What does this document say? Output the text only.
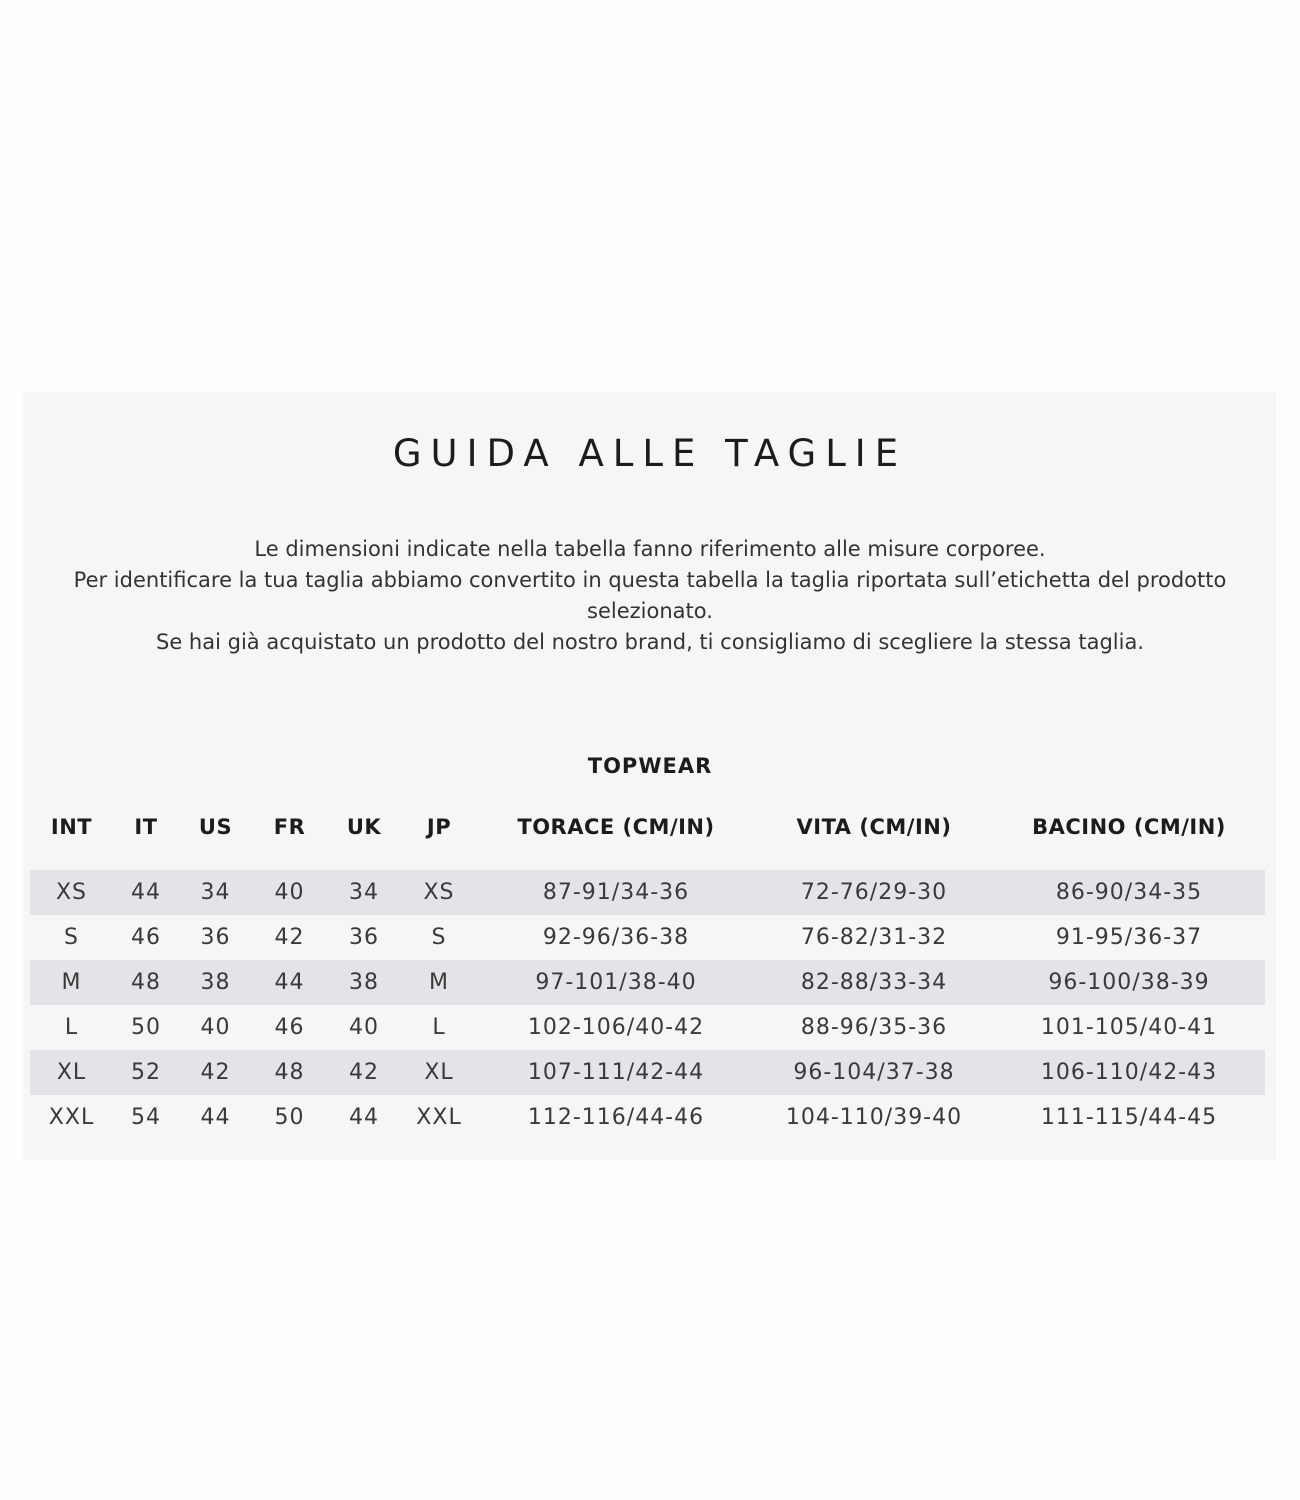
GUIDA ALLE TAGLIE

Le dimensioni indicate nella tabella fanno riferimento alle misure corporee.

Per identificare la tua taglia abbiamo convertito in questa tabella la taglia riportata sull’etichetta del prodotto selezionato.

Se hai già acquistato un prodotto del nostro brand, ti consigliamo di scegliere la stessa taglia.

TOPWEAR
INT	IT	US	FR	UK	JP	TORACE (CM/IN)	VITA (CM/IN)	BACINO (CM/IN)

XS	44	34	40	34	XS	87-91/34-36	72-76/29-30	86-90/34-35
S	46	36	42	36	S	92-96/36-38	76-82/31-32	91-95/36-37
M	48	38	44	38	M	97-101/38-40	82-88/33-34	96-100/38-39
L	50	40	46	40	L	102-106/40-42	88-96/35-36	101-105/40-41
XL	52	42	48	42	XL	107-111/42-44	96-104/37-38	106-110/42-43
XXL	54	44	50	44	XXL	112-116/44-46	104-110/39-40	111-115/44-45
